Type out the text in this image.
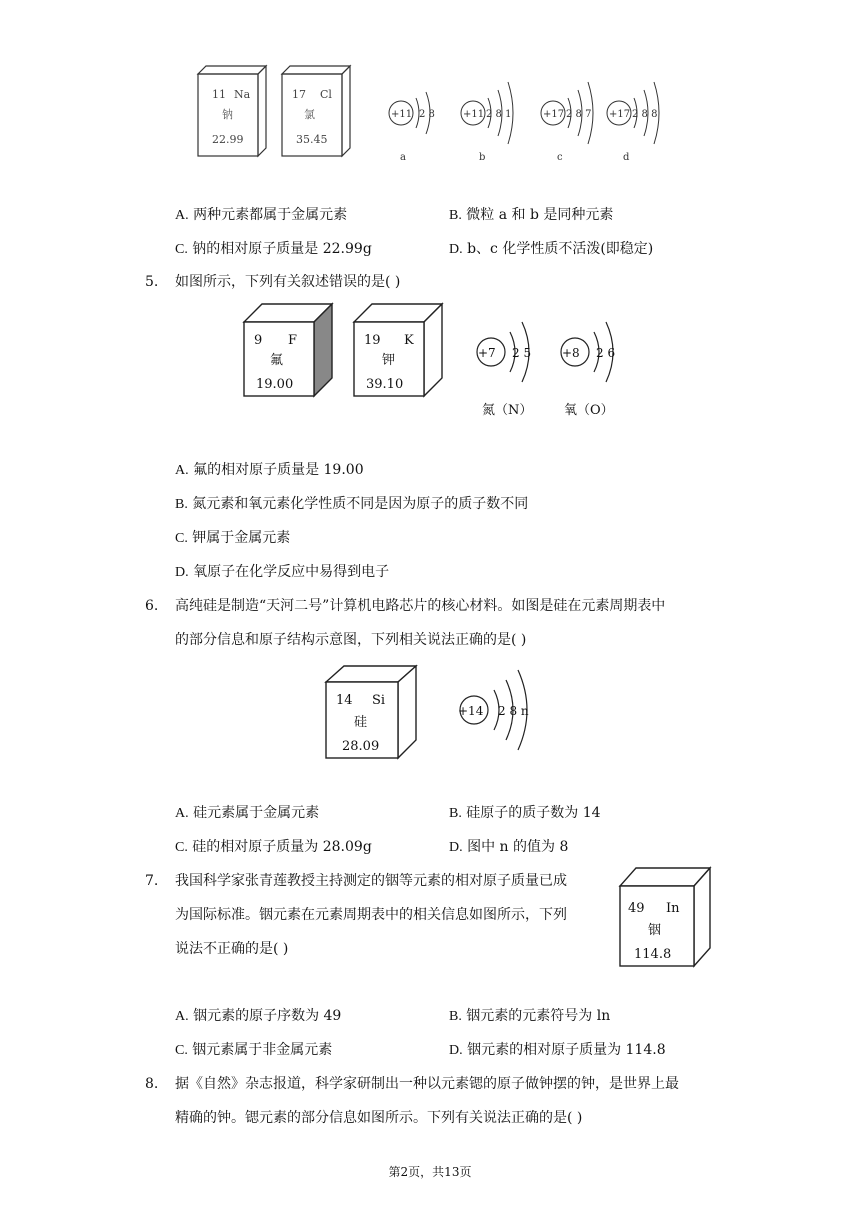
11 Na
钠
22.99
17 Cl
氯
35.45
+11 2 8
a
+11 2 8 1
b
+17 2 8 7
c
+17 2 8 8
d
A. 两种元素都属于金属元素	B. 微粒 a 和 b 是同种元素
C. 钠的相对原子质量是 22.99g	D. b、c 化学性质不活泼(即稳定)
5. 如图所示，下列有关叙述错误的是( )
9 F
氟
19.00
19 K
钾
39.10
+7 2 5
氮（N）
+8 2 6
氧（O）
A. 氟的相对原子质量是 19.00
B. 氮元素和氧元素化学性质不同是因为原子的质子数不同
C. 钾属于金属元素
D. 氧原子在化学反应中易得到电子
6. 高纯硅是制造“天河二号”计算机电路芯片的核心材料。如图是硅在元素周期表中
的部分信息和原子结构示意图，下列相关说法正确的是( )
14 Si
硅
28.09
+14 2 8 n
A. 硅元素属于金属元素	B. 硅原子的质子数为 14
C. 硅的相对原子质量为 28.09g	D. 图中 n 的值为 8
7. 我国科学家张青莲教授主持测定的铟等元素的相对原子质量已成
为国际标准。铟元素在元素周期表中的相关信息如图所示，下列
说法不正确的是( )
49 In
铟
114.8
A. 铟元素的原子序数为 49	B. 铟元素的元素符号为 ln
C. 铟元素属于非金属元素	D. 铟元素的相对原子质量为 114.8
8. 据《自然》杂志报道，科学家研制出一种以元素锶的原子做钟摆的钟，是世界上最
精确的钟。锶元素的部分信息如图所示。下列有关说法正确的是( )
第2页，共13页
